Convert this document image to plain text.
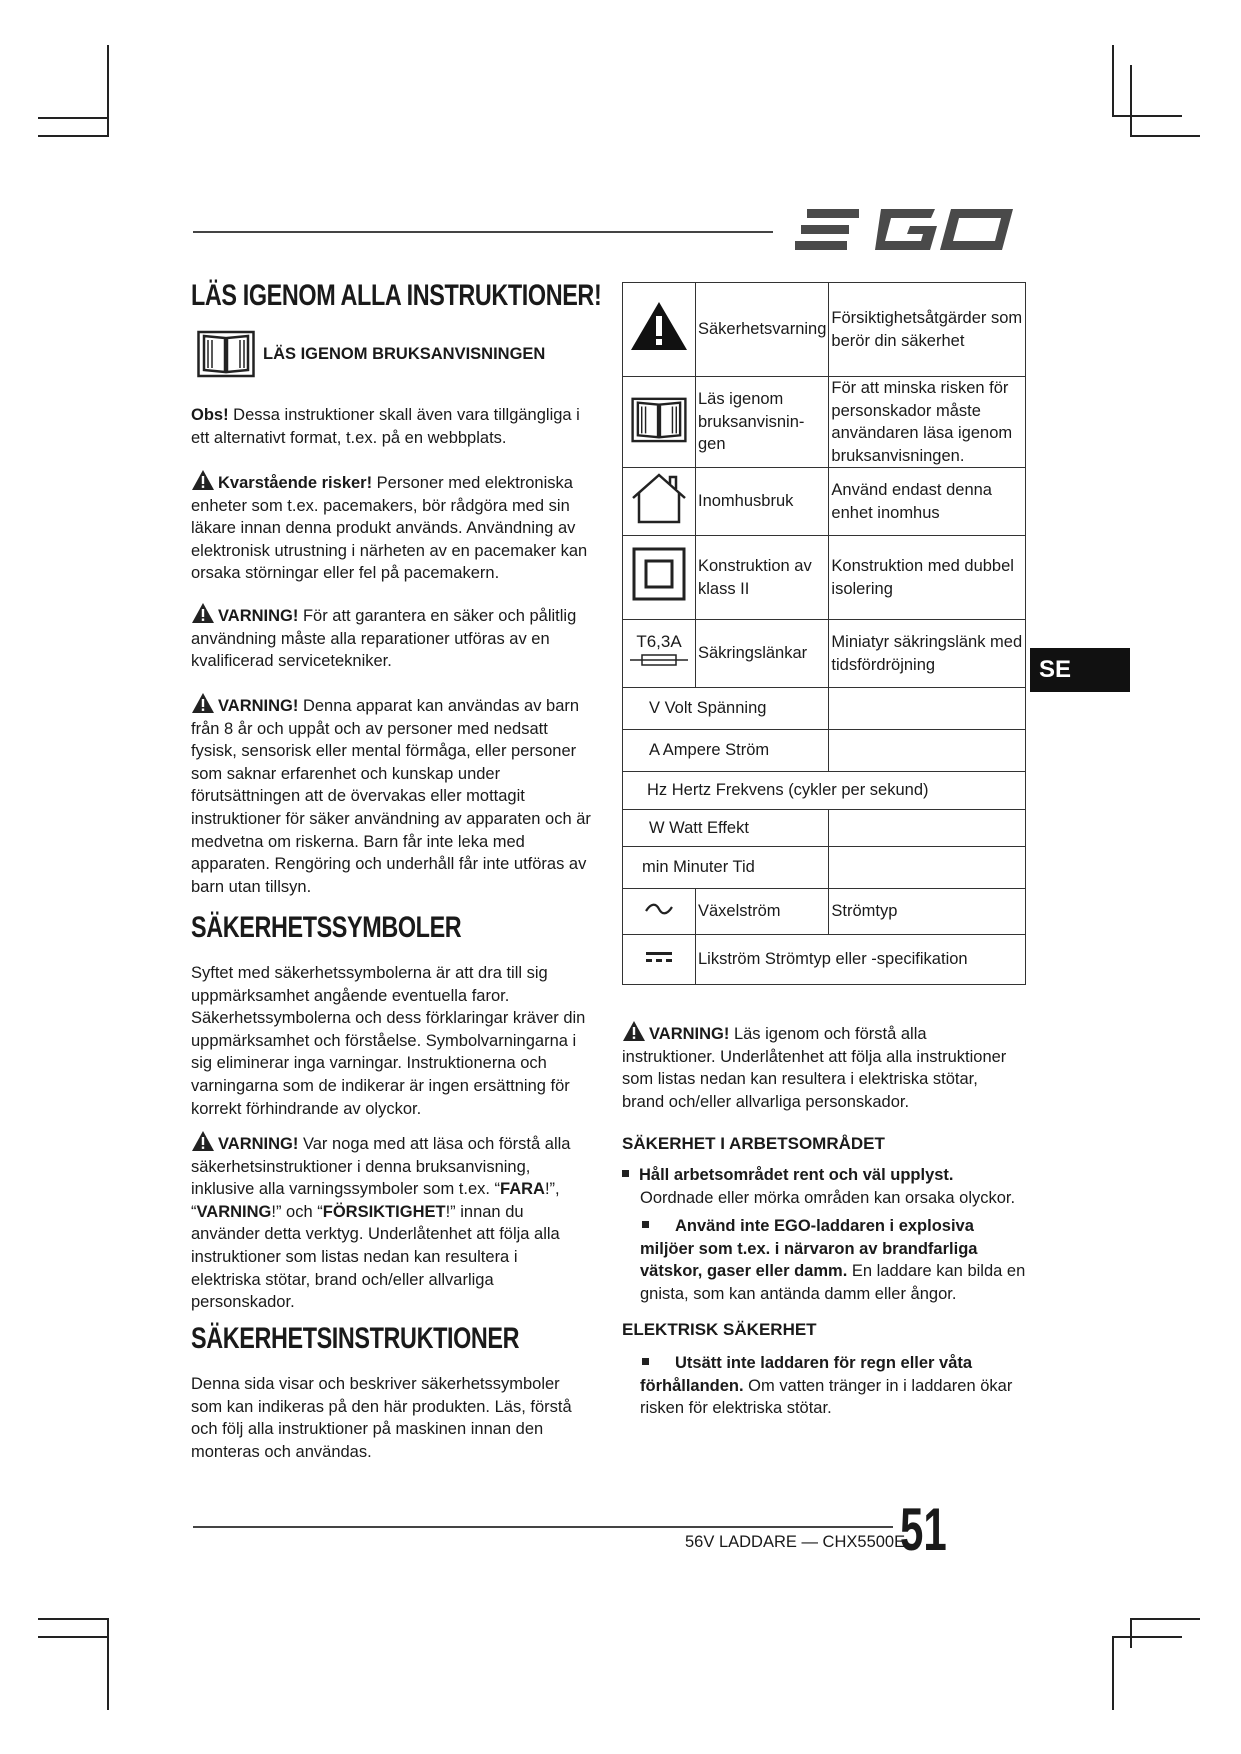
SE
LÄS IGENOM ALLA INSTRUKTIONER!
LÄS IGENOM BRUKSANVISNINGEN

Obs! Dessa instruktioner skall även vara tillgängliga i ett alternativt format, t.ex. på en webbplats.

Kvarstående risker! Personer med elektroniska enheter som t.ex. pacemakers, bör rådgöra med sin läkare innan denna produkt används. Användning av elektronisk utrustning i närheten av en pacemaker kan orsaka störningar eller fel på pacemakern.

VARNING! För att garantera en säker och pålitlig användning måste alla reparationer utföras av en kvalificerad servicetekniker.

VARNING! Denna apparat kan användas av barn från 8 år och uppåt och av personer med nedsatt fysisk, sensorisk eller mental förmåga, eller personer som saknar erfarenhet och kunskap under förutsättningen att de övervakas eller mottagit instruktioner för säker användning av apparaten och är medvetna om riskerna. Barn får inte leka med apparaten. Rengöring och underhåll får inte utföras av barn utan tillsyn.

SÄKERHETSSYMBOLER

Syftet med säkerhetssymbolerna är att dra till sig uppmärksamhet angående eventuella faror. Säkerhetssymbolerna och dess förklaringar kräver din uppmärksamhet och förståelse. Symbolvarningarna i sig eliminerar inga varningar. Instruktionerna och varningarna som de indikerar är ingen ersättning för korrekt förhindrande av olyckor.

VARNING! Var noga med att läsa och förstå alla säkerhetsinstruktioner i denna bruksanvisning, inklusive alla varningssymboler som t.ex. “FARA!”, “VARNING!” och “FÖRSIKTIGHET!” innan du använder detta verktyg. Underlåtenhet att följa alla instruktioner som listas nedan kan resultera i elektriska stötar, brand och/eller allvarliga personskador.

SÄKERHETSINSTRUKTIONER

Denna sida visar och beskriver säkerhetssymboler som kan indikeras på den här produkten. Läs, förstå och följ alla instruktioner på maskinen innan den monteras och användas.

	Säkerhetsvarning	Försiktighetsåtgärder som berör din säkerhet
	Läs igenom bruksanvisnin-gen	För att minska risken för personskador måste användaren läsa igenom bruksanvisningen.
	Inomhusbruk	Använd endast denna enhet inomhus
	Konstruktion av klass II	Konstruktion med dubbel isolering

T6,3A	Säkringslänkar	Miniatyr säkringslänk med tidsfördröjning
V Volt Spänning		
A Ampere Ström		
Hz Hertz Frekvens (cykler per sekund)		
W Watt Effekt		
min Minuter Tid		
	Växelström	Strömtyp
	Likström Strömtyp eller -specifikation	

VARNING! Läs igenom och förstå alla instruktioner. Underlåtenhet att följa alla instruktioner som listas nedan kan resultera i elektriska stötar, brand och/eller allvarliga personskador.

SÄKERHET I ARBETSOMRÅDET
Håll arbetsområdet rent och väl upplyst.
Oordnade eller mörka områden kan orsaka olyckor.
Använd inte EGO-laddaren i explosiva miljöer som t.ex. i närvaron av brandfarliga vätskor, gaser eller damm. En laddare kan bilda en gnista, som kan antända damm eller ångor.
ELEKTRISK SÄKERHET
Utsätt inte laddaren för regn eller våta förhållanden. Om vatten tränger in i laddaren ökar risken för elektriska stötar.
56V LADDARE — CHX5500E
51
